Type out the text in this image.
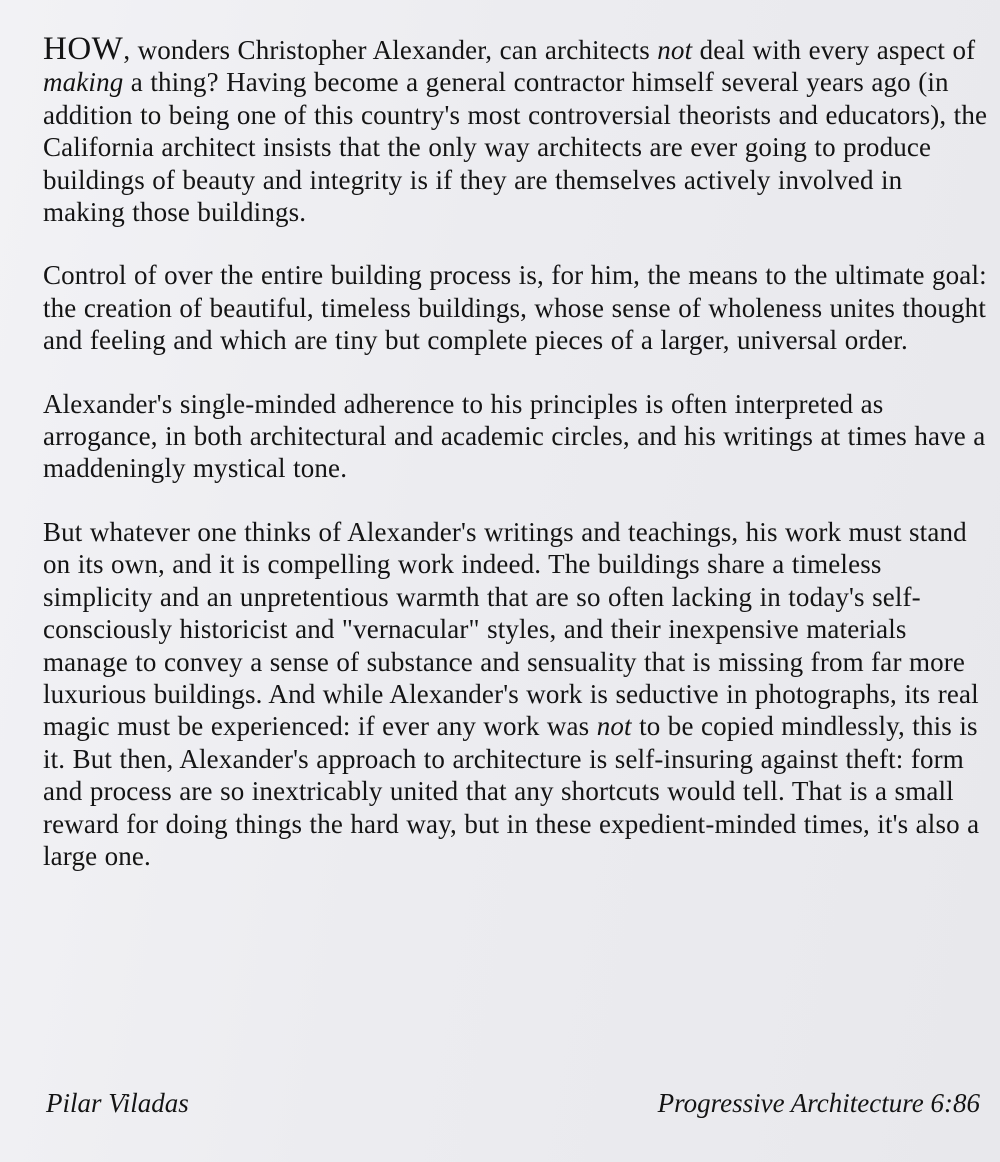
HOW, wonders Christopher Alexander, can architects not deal with every aspect of making a thing? Having become a general contractor himself several years ago (in addition to being one of this country's most controversial theorists and educators), the California architect insists that the only way architects are ever going to produce buildings of beauty and integrity is if they are themselves actively involved in making those buildings.

Control of over the entire building process is, for him, the means to the ultimate goal: the creation of beautiful, timeless buildings, whose sense of wholeness unites thought and feeling and which are tiny but complete pieces of a larger, universal order.

Alexander's single-minded adherence to his principles is often interpreted as arrogance, in both architectural and academic circles, and his writings at times have a maddeningly mystical tone.

But whatever one thinks of Alexander's writings and teachings, his work must stand on its own, and it is compelling work indeed. The buildings share a timeless simplicity and an unpretentious warmth that are so often lacking in today's self-consciously historicist and "vernacular" styles, and their inexpensive materials manage to convey a sense of substance and sensuality that is missing from far more luxurious buildings. And while Alexander's work is seductive in photographs, its real magic must be experienced: if ever any work was not to be copied mindlessly, this is it. But then, Alexander's approach to architecture is self-insuring against theft: form and process are so inextricably united that any shortcuts would tell. That is a small reward for doing things the hard way, but in these expedient-minded times, it's also a large one.

Pilar Viladas	Progressive Architecture 6:86
